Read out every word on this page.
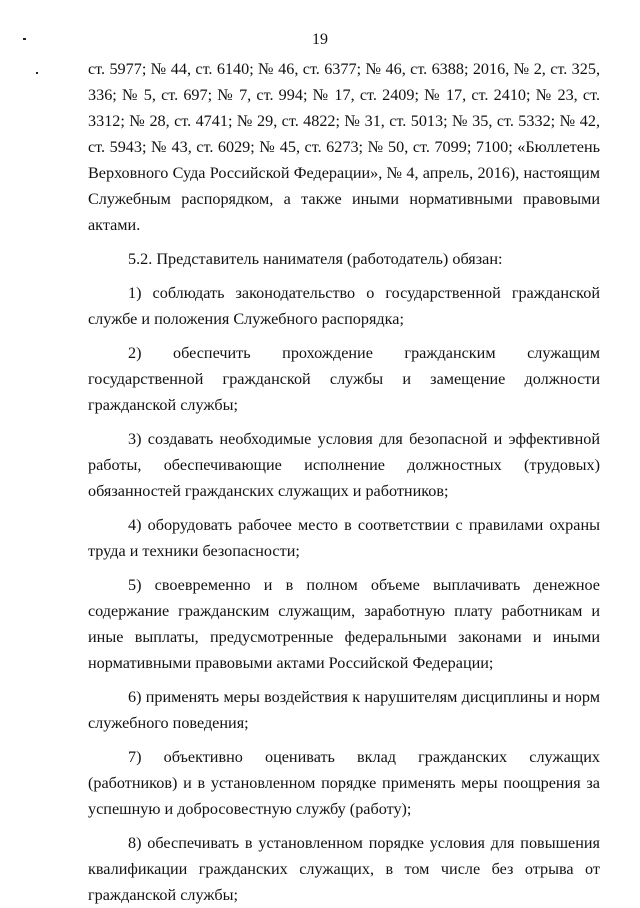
19

ст. 5977; № 44, ст. 6140; № 46, ст. 6377; № 46, ст. 6388; 2016, № 2, ст. 325, 336; № 5, ст. 697; № 7, ст. 994; № 17, ст. 2409; № 17, ст. 2410; № 23, ст. 3312; № 28, ст. 4741; № 29, ст. 4822; № 31, ст. 5013; № 35, ст. 5332; № 42, ст. 5943; № 43, ст. 6029; № 45, ст. 6273; № 50, ст. 7099; 7100; «Бюллетень Верховного Суда Российской Федерации», № 4, апрель, 2016), настоящим Служебным распорядком, а также иными нормативными правовыми актами.

5.2. Представитель нанимателя (работодатель) обязан:

1) соблюдать законодательство о государственной гражданской службе и положения Служебного распорядка;

2) обеспечить прохождение гражданским служащим государственной гражданской службы и замещение должности гражданской службы;

3) создавать необходимые условия для безопасной и эффективной работы, обеспечивающие исполнение должностных (трудовых) обязанностей гражданских служащих и работников;

4) оборудовать рабочее место в соответствии с правилами охраны труда и техники безопасности;

5) своевременно и в полном объеме выплачивать денежное содержание гражданским служащим, заработную плату работникам и иные выплаты, предусмотренные федеральными законами и иными нормативными правовыми актами Российской Федерации;

6) применять меры воздействия к нарушителям дисциплины и норм служебного поведения;

7) объективно оценивать вклад гражданских служащих (работников) и в установленном порядке применять меры поощрения за успешную и добросовестную службу (работу);

8) обеспечивать в установленном порядке условия для повышения квалификации гражданских служащих, в том числе без отрыва от гражданской службы;
